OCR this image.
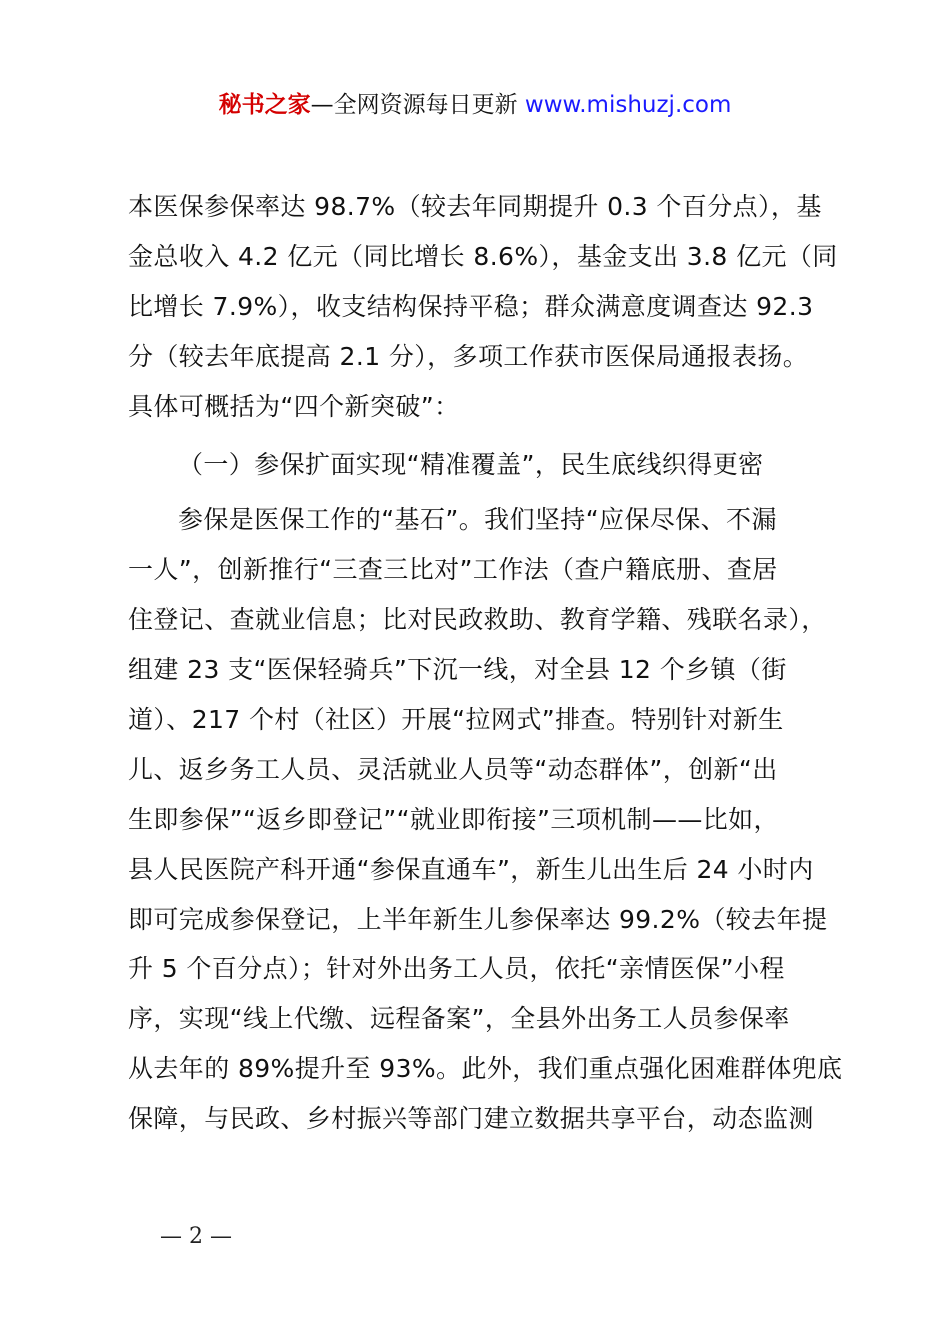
秘书之家—全网资源每日更新 www.mishuzj.com
本医保参保率达 98.7%（较去年同期提升 0.3 个百分点），基
金总收入 4.2 亿元（同比增长 8.6%），基金支出 3.8 亿元（同
比增长 7.9%），收支结构保持平稳；群众满意度调查达 92.3
分（较去年底提高 2.1 分），多项工作获市医保局通报表扬。
具体可概括为“四个新突破”：
（一）参保扩面实现“精准覆盖”，民生底线织得更密
参保是医保工作的“基石”。我们坚持“应保尽保、不漏
一人”，创新推行“三查三比对”工作法（查户籍底册、查居
住登记、查就业信息；比对民政救助、教育学籍、残联名录），
组建 23 支“医保轻骑兵”下沉一线，对全县 12 个乡镇（街
道）、217 个村（社区）开展“拉网式”排查。特别针对新生
儿、返乡务工人员、灵活就业人员等“动态群体”，创新“出
生即参保”“返乡即登记”“就业即衔接”三项机制——比如，
县人民医院产科开通“参保直通车”，新生儿出生后 24 小时内
即可完成参保登记，上半年新生儿参保率达 99.2%（较去年提
升 5 个百分点）；针对外出务工人员，依托“亲情医保”小程
序，实现“线上代缴、远程备案”，全县外出务工人员参保率
从去年的 89%提升至 93%。此外，我们重点强化困难群体兜底
保障，与民政、乡村振兴等部门建立数据共享平台，动态监测
— 2 —
